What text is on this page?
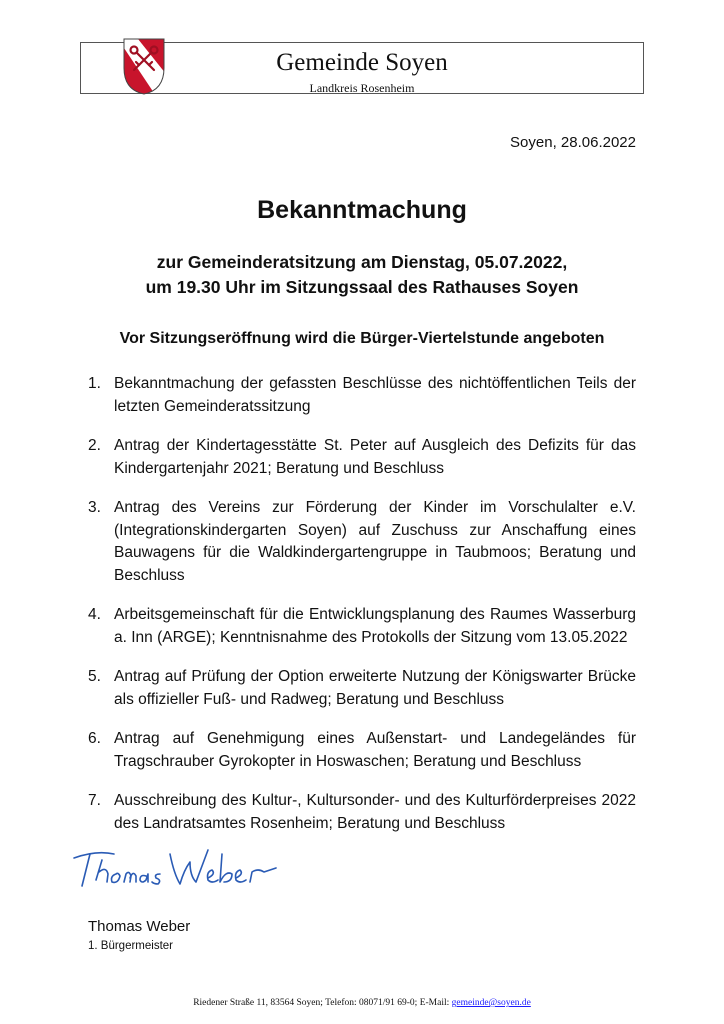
Gemeinde Soyen
Landkreis Rosenheim
Soyen, 28.06.2022
Bekanntmachung
zur Gemeinderatsitzung am Dienstag, 05.07.2022,
um 19.30 Uhr im Sitzungssaal des Rathauses Soyen
Vor Sitzungseröffnung wird die Bürger-Viertelstunde angeboten
1. Bekanntmachung der gefassten Beschlüsse des nichtöffentlichen Teils der letzten Gemeinderatssitzung
2. Antrag der Kindertagesstätte St. Peter auf Ausgleich des Defizits für das Kindergartenjahr 2021; Beratung und Beschluss
3. Antrag des Vereins zur Förderung der Kinder im Vorschulalter e.V. (Integrationskindergarten Soyen) auf Zuschuss zur Anschaffung eines Bauwagens für die Waldkindergartengruppe in Taubmoos; Beratung und Beschluss
4. Arbeitsgemeinschaft für die Entwicklungsplanung des Raumes Wasserburg a. Inn (ARGE); Kenntnisnahme des Protokolls der Sitzung vom 13.05.2022
5. Antrag auf Prüfung der Option erweiterte Nutzung der Königswarter Brücke als offizieller Fuß- und Radweg; Beratung und Beschluss
6. Antrag auf Genehmigung eines Außenstart- und Landegeländes für Tragschrauber Gyrokopter in Hoswaschen; Beratung und Beschluss
7. Ausschreibung des Kultur-, Kultursonder- und des Kulturförderpreises 2022 des Landratsamtes Rosenheim; Beratung und Beschluss
Thomas Weber
1. Bürgermeister
Riedener Straße 11, 83564 Soyen; Telefon: 08071/91 69-0; E-Mail: gemeinde@soyen.de
